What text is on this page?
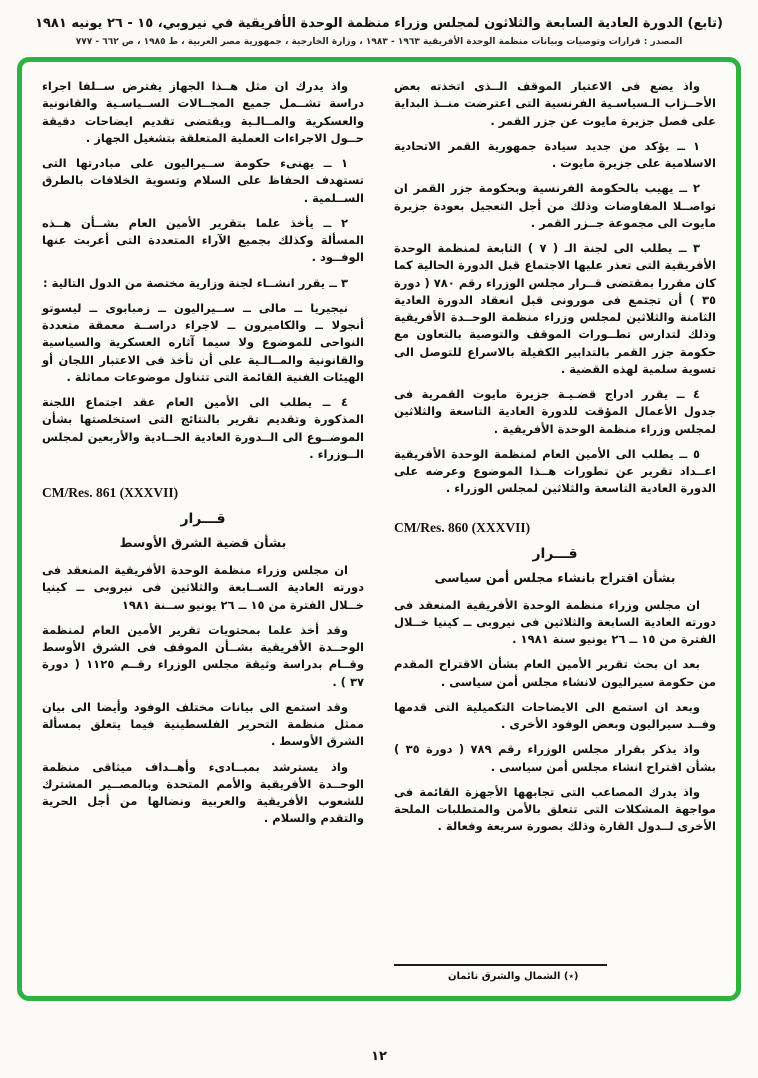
(تابع) الدورة العادية السابعة والثلاثون لمجلس وزراء منظمة الوحدة الأفريقية في نيروبي، ١٥ - ٢٦ يونيه ١٩٨١
المصدر : قرارات وتوصيات وبيانات منظمة الوحدة الأفريقية ١٩٦٣ - ١٩٨٣ ، وزارة الخارجية ، جمهورية مصر العربية ، ط ١٩٨٥ ، ص ٦٦٢ - ٧٧٧

واذ يضع فى الاعتبار الموقف الــذى اتخذته بعض الأحــزاب الـسياسـية الفرنسية التى اعترضت منــذ البداية على فصل جزيرة مايوت عن جزر القمر .

١ ــ يؤكد من جديد سيادة جمهورية القمر الاتحادية الاسلامية على جزيرة مايوت .

٢ ــ يهيب بالحكومة الفرنسية وبحكومة جزر القمر ان تواصــلا المفاوضات وذلك من أجل التعجيل بعودة جزيرة مايوت الى مجموعة جــزر القمر .

٣ ــ يطلب الى لجنة الـ ( ٧ ) التابعة لمنظمة الوحدة الأفريقية التى تعذر عليها الاجتماع قبل الدورة الحالية كما كان مقررا بمقتضى قــرار مجلس الوزراء رقم ٧٨٠ ( دورة ٣٥ ) أن تجتمع فى مورونى قبل انعقاد الدورة العادية الثامنة والثلاثين لمجلس وزراء منظمة الوحــدة الأفريقية وذلك لتدارس تطــورات الموقف والتوصية بالتعاون مع حكومة جزر القمر بالتدابير الكفيلة بالاسراع للتوصل الى تسوية سلمية لهذه القضية .

٤ ــ يقرر ادراج قضـيـة جزيرة مايوت القمرية فى جدول الأعمال المؤقت للدورة العادية التاسعة والثلاثين لمجلس وزراء منظمة الوحدة الأفريقية .

٥ ــ يطلب الى الأمين العام لمنظمة الوحدة الأفريقية اعــداد تقرير عن تطورات هــذا الموضوع وعرضه على الدورة العادية التاسعة والثلاثين لمجلس الوزراء .

CM/Res. 860 (XXXVII)
قـــرار
بشأن اقتراح بانشاء مجلس أمن سياسى

ان مجلس وزراء منظمة الوحدة الأفريقية المنعقد فى دورته العادية السابعة والثلاثين فى نيروبى ــ كينيا خــلال الفترة من ١٥ ــ ٢٦ يونيو سنة ١٩٨١ .

بعد ان بحث تقرير الأمين العام بشأن الاقتراح المقدم من حكومة سيراليون لانشاء مجلس أمن سياسى .

وبعد ان استمع الى الايضاحات التكميلية التى قدمها وفــد سيراليون وبعض الوفود الأخرى .

واذ يذكر بقرار مجلس الوزراء رقم ٧٨٩ ( دورة ٣٥ ) بشأن اقتراح انشاء مجلس أمن سياسى .

واذ يدرك المصاعب التى تجابهها الأجهزة القائمة فى مواجهة المشكلات التى تتعلق بالأمن والمتطلبات الملحة الأخرى لــدول القارة وذلك بصورة سريعة وفعالة .

(٭) الشمال والشرق نائمان

واذ يدرك ان مثل هــذا الجهاز يفترض ســلفا اجراء دراسة تشــمل جميع المجــالات الســياسـية والقانونية والعسكرية والمــالـية ويقتضى تقديم ايضاحات دقيقة حــول الاجراءات العملية المتعلقة بتشغيل الجهاز .

١ ــ يهنىء حكومة ســيراليون على مبادرتها التى تستهدف الحفاظ على السلام وتسوية الخلافات بالطرق الســلمية .

٢ ــ يأخذ علما بتقرير الأمين العام بشــأن هــذه المسألة وكذلك بجميع الآراء المتعددة التى أعربت عنها الوفــود .

٣ ــ يقرر انشــاء لجنة وزارية مختصة من الدول التالية :

نيجيريا ــ مالى ــ ســيراليون ــ زمبابوى ــ ليسوتو أنجولا ــ والكاميرون ــ لاجراء دراســة معمقة متعددة النواحى للموضوع ولا سيما آثاره العسكرية والسياسية والقانونية والمــالـية على أن تأخذ فى الاعتبار اللجان أو الهيئات الفنية القائمة التى تتناول موضوعات مماثلة .

٤ ــ يطلب الى الأمين العام عقد اجتماع اللجنة المذكورة وتقديم تقرير بالنتائج التى استخلصتها بشأن الموضــوع الى الــدورة العادية الحــادية والأربعين لمجلس الــوزراء .

CM/Res. 861 (XXXVII)
قـــرار
بشأن قضية الشرق الأوسط

ان مجلس وزراء منظمة الوحدة الأفريقية المنعقد فى دورته العادية الســابعة والثلاثين فى نيروبى ــ كينيا خــلال الفترة من ١٥ ــ ٢٦ يونيو ســنة ١٩٨١

وقد أخذ علما بمحتويات تقرير الأمين العام لمنظمة الوحــدة الأفريقية بشــأن الموقف فى الشرق الأوسط وقــام بدراسة وثيقة مجلس الوزراء رقــم ١١٢٥ ( دورة ٣٧ ) .

وقد استمع الى بيانات مختلف الوفود وأيضا الى بيان ممثل منظمة التحرير الفلسطينية فيما يتعلق بمسألة الشرق الأوسط .

واذ يسترشد بمبــادىء وأهــداف ميثاقى منظمة الوحــدة الأفريقية والأمم المتحدة وبالمصــير المشترك للشعوب الأفريقية والعربية ونضالها من أجل الحرية والتقدم والسلام .

١٢
